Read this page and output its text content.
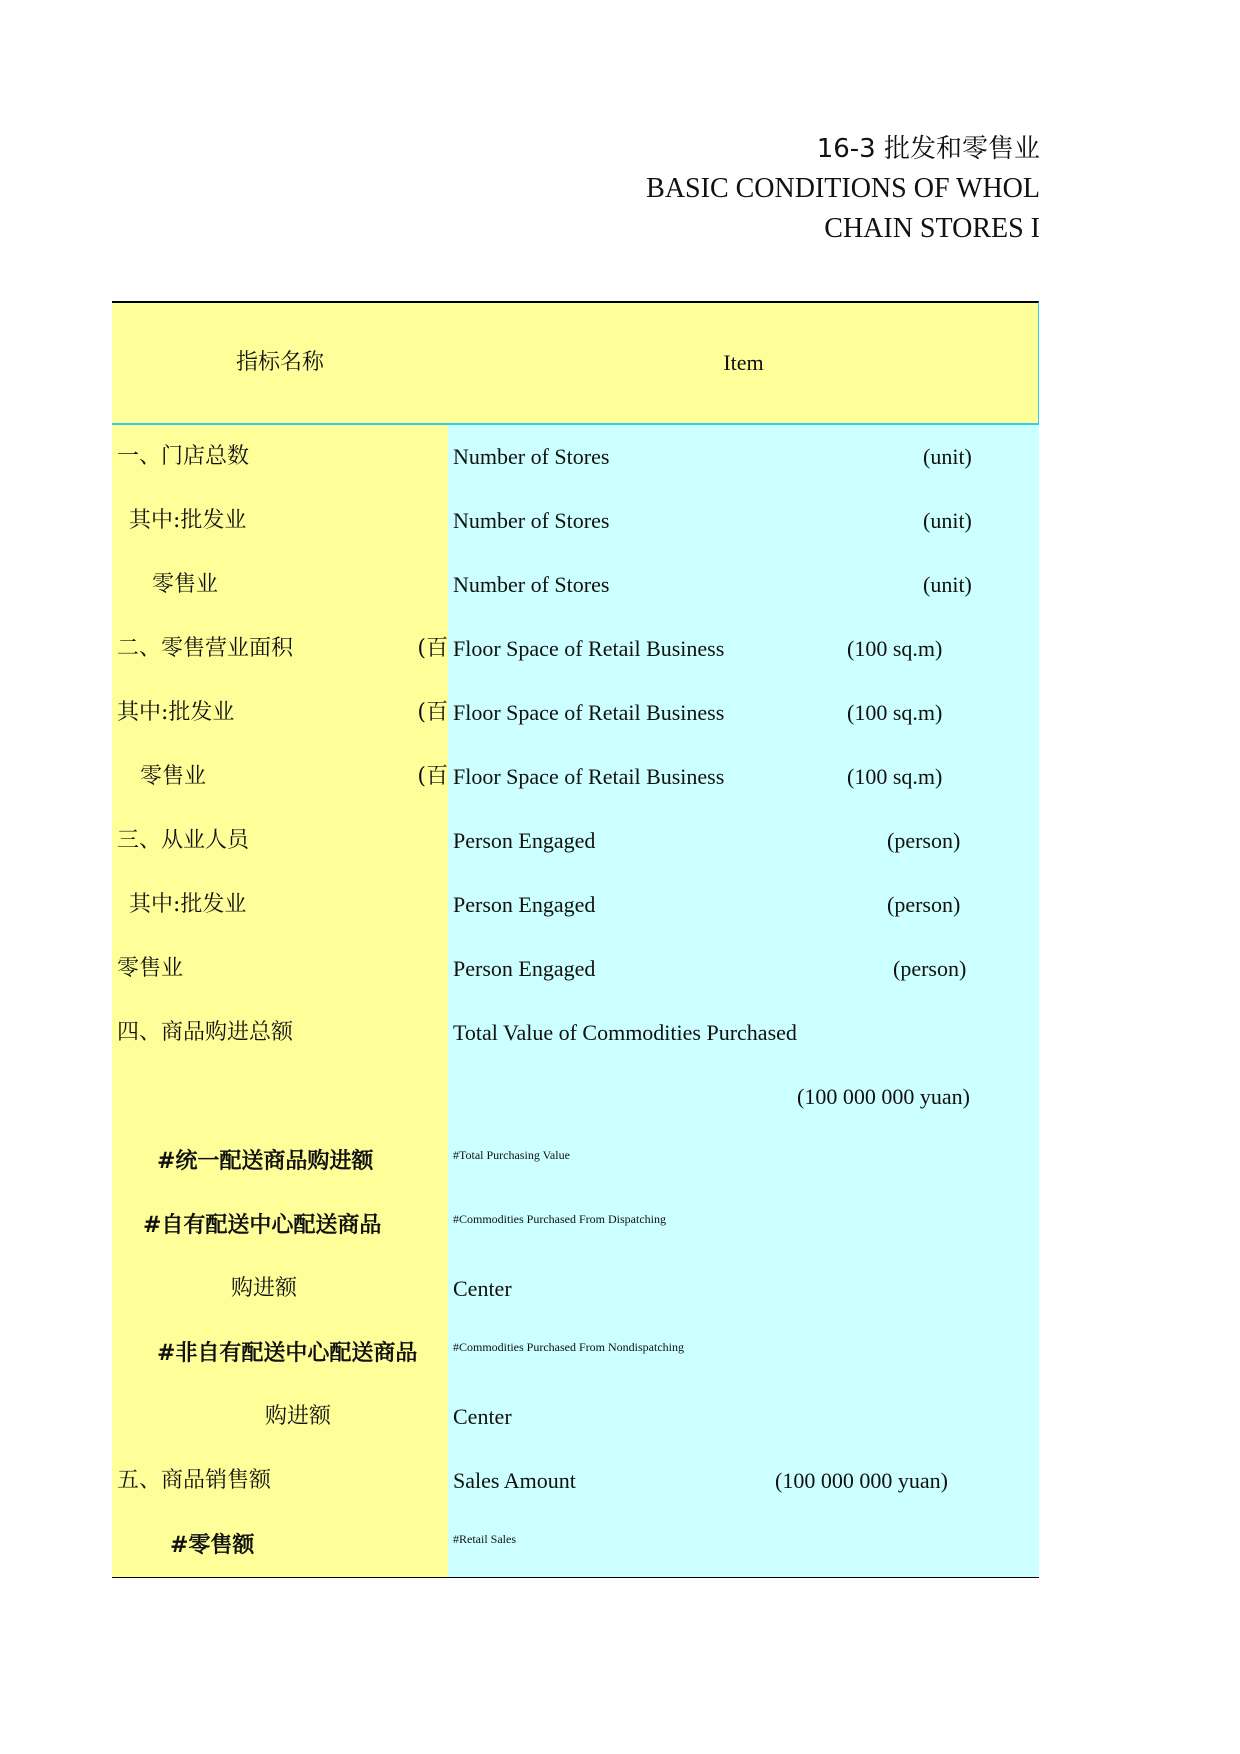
16-3 批发和零售业
BASIC CONDITIONS OF WHOL
CHAIN STORES I
指标名称	Item
一、门店总数	Number of Stores	(unit)
其中:批发业	Number of Stores	(unit)
零售业	Number of Stores	(unit)
二、零售营业面积	(百 Floor Space of Retail Business	(100 sq.m)
其中:批发业	(百 Floor Space of Retail Business	(100 sq.m)
零售业	(百 Floor Space of Retail Business	(100 sq.m)
三、从业人员	Person Engaged	(person)
其中:批发业	Person Engaged	(person)
零售业	Person Engaged	(person)
四、商品购进总额	Total Value of Commodities Purchased
(100 000 000 yuan)
#统一配送商品购进额	#Total Purchasing Value
#自有配送中心配送商品	#Commodities Purchased From Dispatching
购进额	Center
#非自有配送中心配送商品	#Commodities Purchased From Nondispatching
购进额	Center
五、商品销售额	Sales Amount	(100 000 000 yuan)
#零售额	#Retail Sales
